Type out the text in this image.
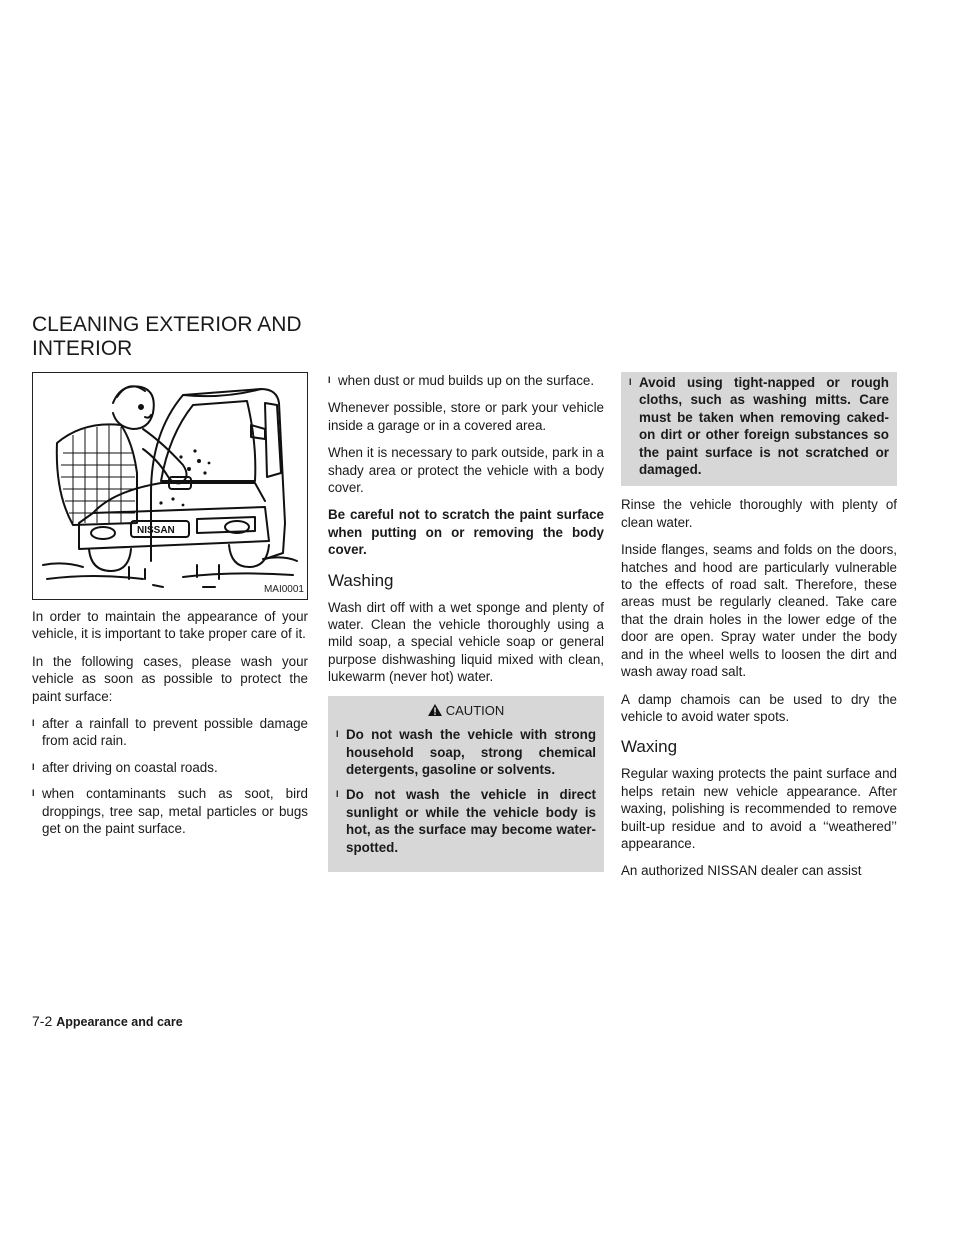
CLEANING EXTERIOR AND
INTERIOR
NISSAN
MAI0001

In order to maintain the appearance of your vehicle, it is important to take proper care of it.

In the following cases, please wash your vehicle as soon as possible to protect the paint surface:

I after a rainfall to prevent possible damage from acid rain.
I after driving on coastal roads.
I when contaminants such as soot, bird droppings, tree sap, metal particles or bugs get on the paint surface.
I when dust or mud builds up on the surface.

Whenever possible, store or park your vehicle inside a garage or in a covered area.

When it is necessary to park outside, park in a shady area or protect the vehicle with a body cover.

Be careful not to scratch the paint surface when putting on or removing the body cover.

Washing

Wash dirt off with a wet sponge and plenty of water. Clean the vehicle thoroughly using a mild soap, a special vehicle soap or general purpose dishwashing liquid mixed with clean, lukewarm (never hot) water.

CAUTION
I Do not wash the vehicle with strong household soap, strong chemical detergents, gasoline or solvents.
I Do not wash the vehicle in direct sunlight or while the vehicle body is hot, as the surface may become water-spotted.
I Avoid using tight-napped or rough cloths, such as washing mitts. Care must be taken when removing caked-on dirt or other foreign substances so the paint surface is not scratched or damaged.

Rinse the vehicle thoroughly with plenty of clean water.

Inside flanges, seams and folds on the doors, hatches and hood are particularly vulnerable to the effects of road salt. Therefore, these areas must be regularly cleaned. Take care that the drain holes in the lower edge of the door are open. Spray water under the body and in the wheel wells to loosen the dirt and wash away road salt.

A damp chamois can be used to dry the vehicle to avoid water spots.

Waxing

Regular waxing protects the paint surface and helps retain new vehicle appearance. After waxing, polishing is recommended to remove built-up residue and to avoid a ‘‘weathered’’ appearance.

An authorized NISSAN dealer can assist

7-2 Appearance and care
